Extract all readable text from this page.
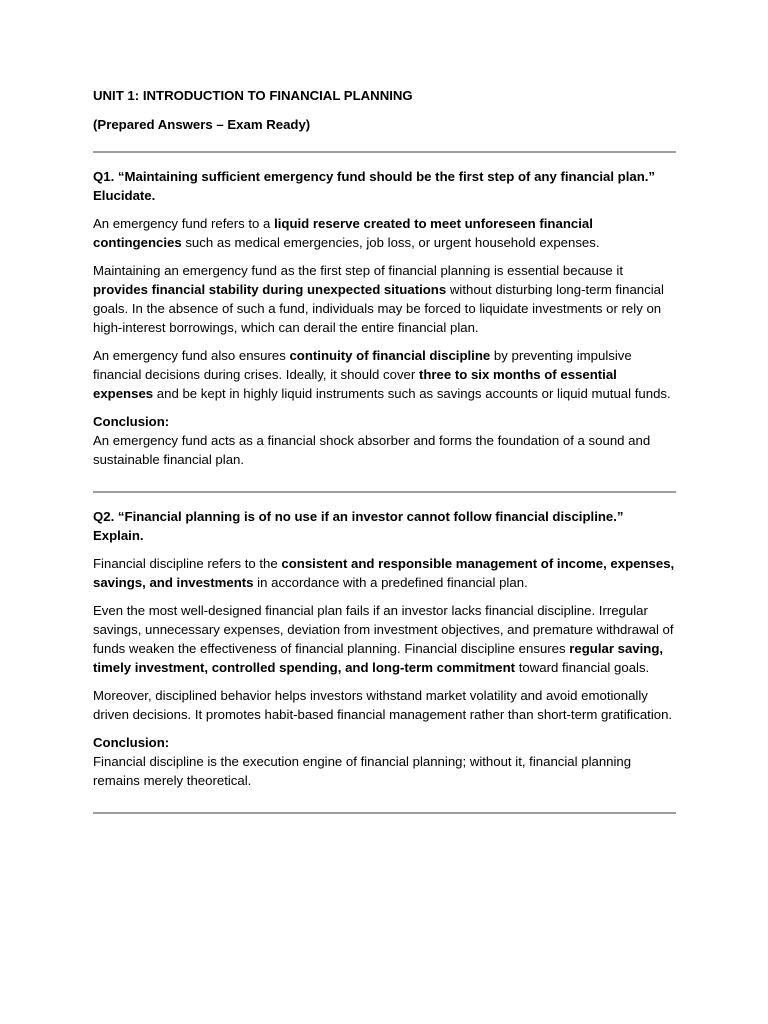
UNIT 1: INTRODUCTION TO FINANCIAL PLANNING
(Prepared Answers – Exam Ready)
Q1. “Maintaining sufficient emergency fund should be the first step of any financial plan.” Elucidate.

An emergency fund refers to a liquid reserve created to meet unforeseen financial contingencies such as medical emergencies, job loss, or urgent household expenses.

Maintaining an emergency fund as the first step of financial planning is essential because it provides financial stability during unexpected situations without disturbing long-term financial goals. In the absence of such a fund, individuals may be forced to liquidate investments or rely on high-interest borrowings, which can derail the entire financial plan.

An emergency fund also ensures continuity of financial discipline by preventing impulsive financial decisions during crises. Ideally, it should cover three to six months of essential expenses and be kept in highly liquid instruments such as savings accounts or liquid mutual funds.

Conclusion:
An emergency fund acts as a financial shock absorber and forms the foundation of a sound and sustainable financial plan.
Q2. “Financial planning is of no use if an investor cannot follow financial discipline.” Explain.

Financial discipline refers to the consistent and responsible management of income, expenses, savings, and investments in accordance with a predefined financial plan.

Even the most well-designed financial plan fails if an investor lacks financial discipline. Irregular savings, unnecessary expenses, deviation from investment objectives, and premature withdrawal of funds weaken the effectiveness of financial planning. Financial discipline ensures regular saving, timely investment, controlled spending, and long-term commitment toward financial goals.

Moreover, disciplined behavior helps investors withstand market volatility and avoid emotionally driven decisions. It promotes habit-based financial management rather than short-term gratification.

Conclusion:
Financial discipline is the execution engine of financial planning; without it, financial planning remains merely theoretical.
